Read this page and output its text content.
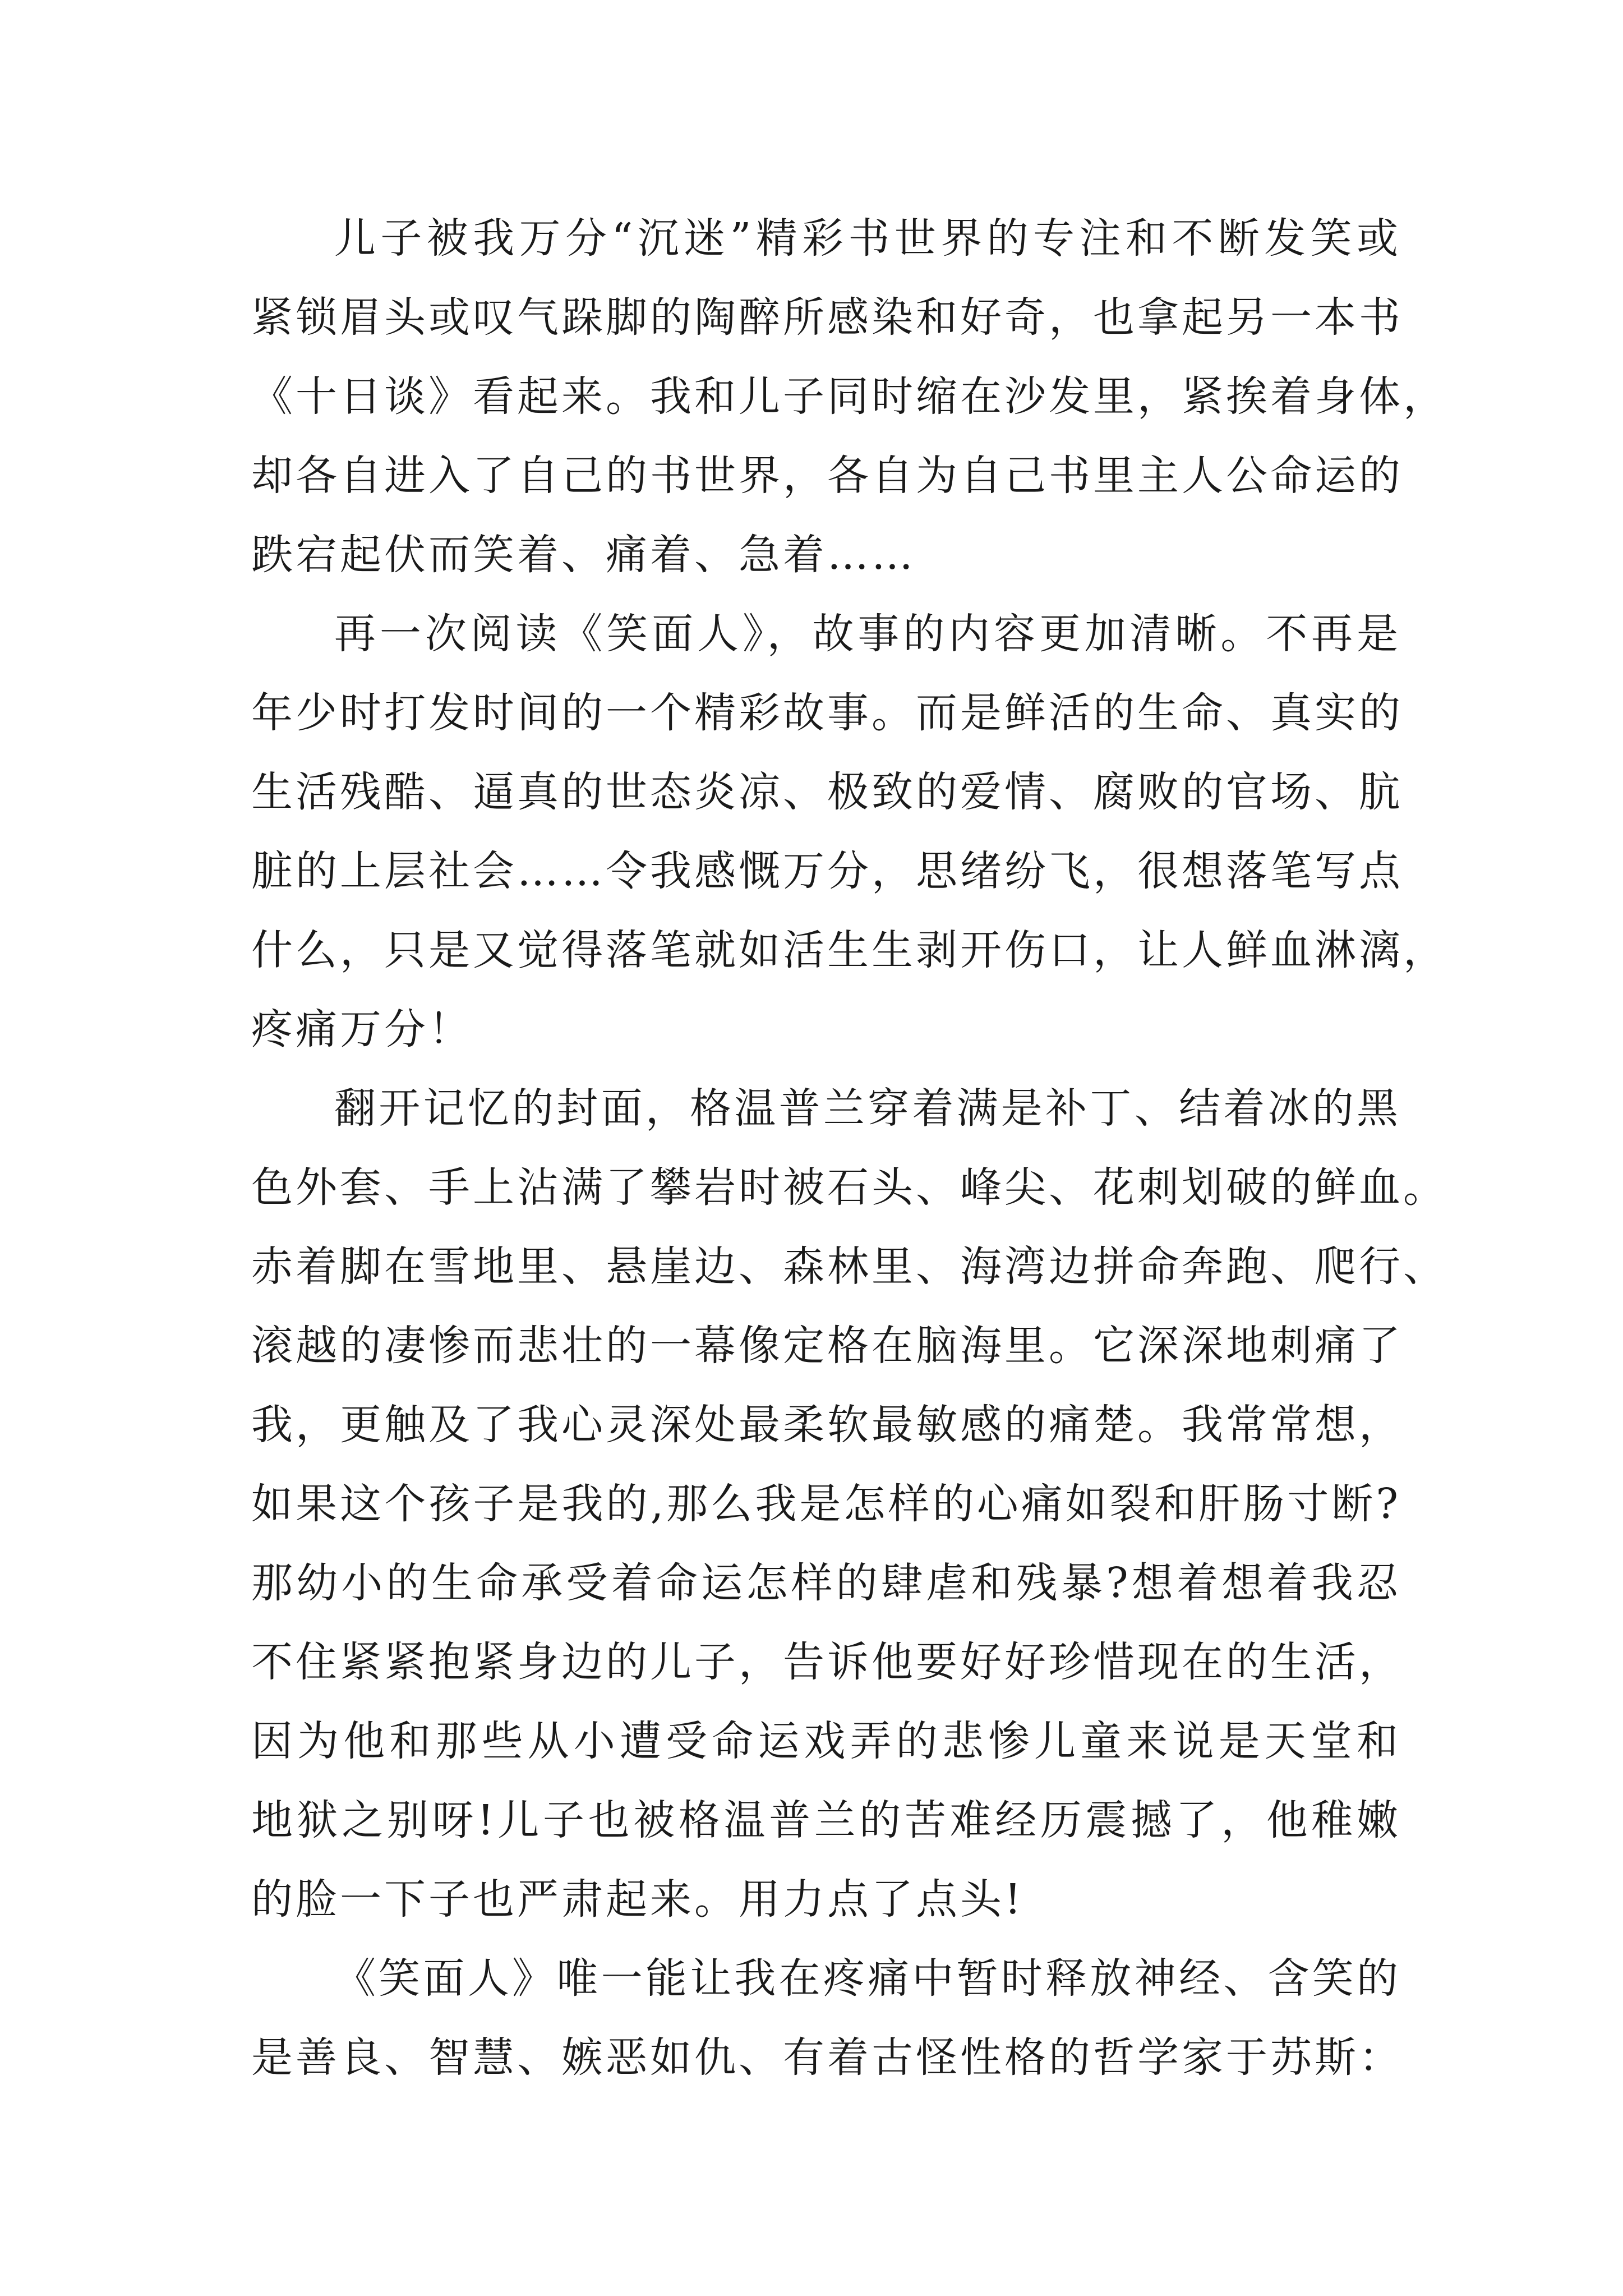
儿子被我万分“沉迷”精彩书世界的专注和不断发笑或
紧锁眉头或叹气跺脚的陶醉所感染和好奇，也拿起另一本书
《十日谈》看起来。我和儿子同时缩在沙发里，紧挨着身体，
却各自进入了自己的书世界，各自为自己书里主人公命运的
跌宕起伏而笑着、痛着、急着……

再一次阅读《笑面人》，故事的内容更加清晰。不再是
年少时打发时间的一个精彩故事。而是鲜活的生命、真实的
生活残酷、逼真的世态炎凉、极致的爱情、腐败的官场、肮
脏的上层社会……令我感慨万分，思绪纷飞，很想落笔写点
什么，只是又觉得落笔就如活生生剥开伤口，让人鲜血淋漓，
疼痛万分！

翻开记忆的封面，格温普兰穿着满是补丁、结着冰的黑
色外套、手上沾满了攀岩时被石头、峰尖、花刺划破的鲜血。
赤着脚在雪地里、悬崖边、森林里、海湾边拼命奔跑、爬行、
滚越的凄惨而悲壮的一幕像定格在脑海里。它深深地刺痛了
我，更触及了我心灵深处最柔软最敏感的痛楚。我常常想，
如果这个孩子是我的,那么我是怎样的心痛如裂和肝肠寸断?
那幼小的生命承受着命运怎样的肆虐和残暴?想着想着我忍
不住紧紧抱紧身边的儿子，告诉他要好好珍惜现在的生活，
因为他和那些从小遭受命运戏弄的悲惨儿童来说是天堂和
地狱之别呀!儿子也被格温普兰的苦难经历震撼了，他稚嫩
的脸一下子也严肃起来。用力点了点头!

《笑面人》唯一能让我在疼痛中暂时释放神经、含笑的
是善良、智慧、嫉恶如仇、有着古怪性格的哲学家于苏斯：
